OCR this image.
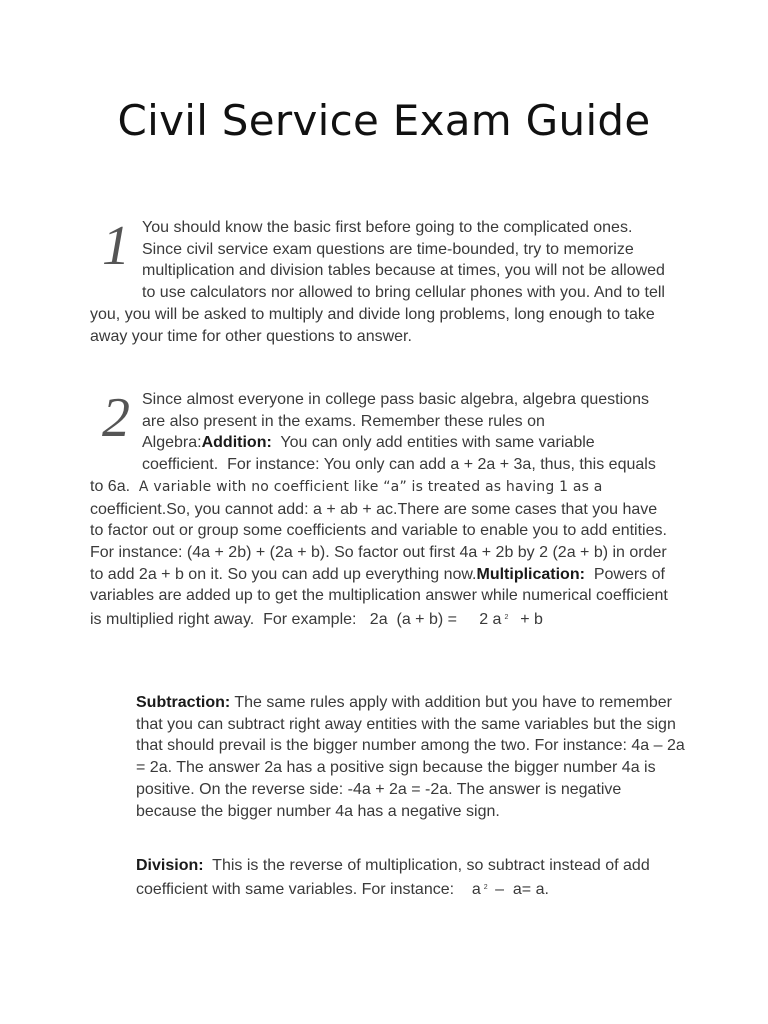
Civil Service Exam Guide

1 You should know the basic first before going to the complicated ones. Since civil service exam questions are time-bounded, try to memorize multiplication and division tables because at times, you will not be allowed to use calculators nor allowed to bring cellular phones with you. And to tell you, you will be asked to multiply and divide long problems, long enough to take away your time for other questions to answer.

2 Since almost everyone in college pass basic algebra, algebra questions are also present in the exams. Remember these rules on Algebra:Addition:  You can only add entities with same variable coefficient.  For instance: You only can add a + 2a + 3a, thus, this equals to 6a.  A variable with no coefficient like “a” is treated as having 1 as a coefficient.So, you cannot add: a + ab + ac.There are some cases that you have to factor out or group some coefficients and variable to enable you to add entities. For instance: (4a + 2b) + (2a + b). So factor out first 4a + 2b by 2 (2a + b) in order to add 2a + b on it. So you can add up everything now.Multiplication:  Powers of variables are added up to get the multiplication answer while numerical coefficient is multiplied right away.  For example:   2a  (a + b) =     2 a $^2$  + b

Subtraction: The same rules apply with addition but you have to remember that you can subtract right away entities with the same variables but the sign that should prevail is the bigger number among the two. For instance: 4a – 2a = 2a. The answer 2a has a positive sign because the bigger number 4a is positive. On the reverse side: -4a + 2a = -2a. The answer is negative because the bigger number 4a has a negative sign.

Division:  This is the reverse of multiplication, so subtract instead of add coefficient with same variables. For instance:    a $^2$ –  a= a.
